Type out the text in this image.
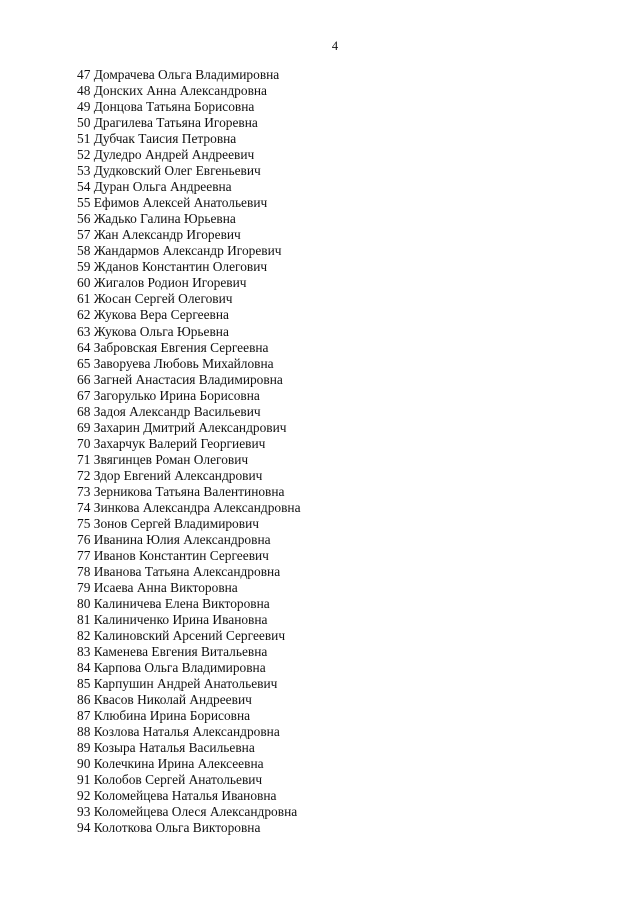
4
47 Домрачева Ольга Владимировна
48 Донских Анна Александровна
49 Донцова Татьяна Борисовна
50 Драгилева Татьяна Игоревна
51 Дубчак Таисия Петровна
52 Дуледро Андрей Андреевич
53 Дудковский Олег Евгеньевич
54 Дуран Ольга Андреевна
55 Ефимов Алексей Анатольевич
56 Жадько Галина Юрьевна
57 Жан Александр Игоревич
58 Жандармов Александр Игоревич
59 Жданов Константин Олегович
60 Жигалов Родион Игоревич
61 Жосан Сергей Олегович
62 Жукова Вера Сергеевна
63 Жукова Ольга Юрьевна
64 Забровская Евгения Сергеевна
65 Заворуева Любовь Михайловна
66 Загней Анастасия Владимировна
67 Загорулько Ирина Борисовна
68 Задоя Александр Васильевич
69 Захарин Дмитрий Александрович
70 Захарчук Валерий Георгиевич
71 Звягинцев Роман Олегович
72 Здор Евгений Александрович
73 Зерникова Татьяна Валентиновна
74 Зинкова Александра Александровна
75 Зонов Сергей Владимирович
76 Иванина Юлия Александровна
77 Иванов Константин Сергеевич
78 Иванова Татьяна Александровна
79 Исаева Анна Викторовна
80 Калиничева Елена Викторовна
81 Калиниченко Ирина Ивановна
82 Калиновский Арсений Сергеевич
83 Каменева Евгения Витальевна
84 Карпова Ольга Владимировна
85 Карпушин Андрей Анатольевич
86 Квасов Николай Андреевич
87 Клюбина Ирина Борисовна
88 Козлова Наталья Александровна
89 Козыра Наталья Васильевна
90 Колечкина Ирина Алексеевна
91 Колобов Сергей Анатольевич
92 Коломейцева Наталья Ивановна
93 Коломейцева Олеся Александровна
94 Колоткова Ольга Викторовна
